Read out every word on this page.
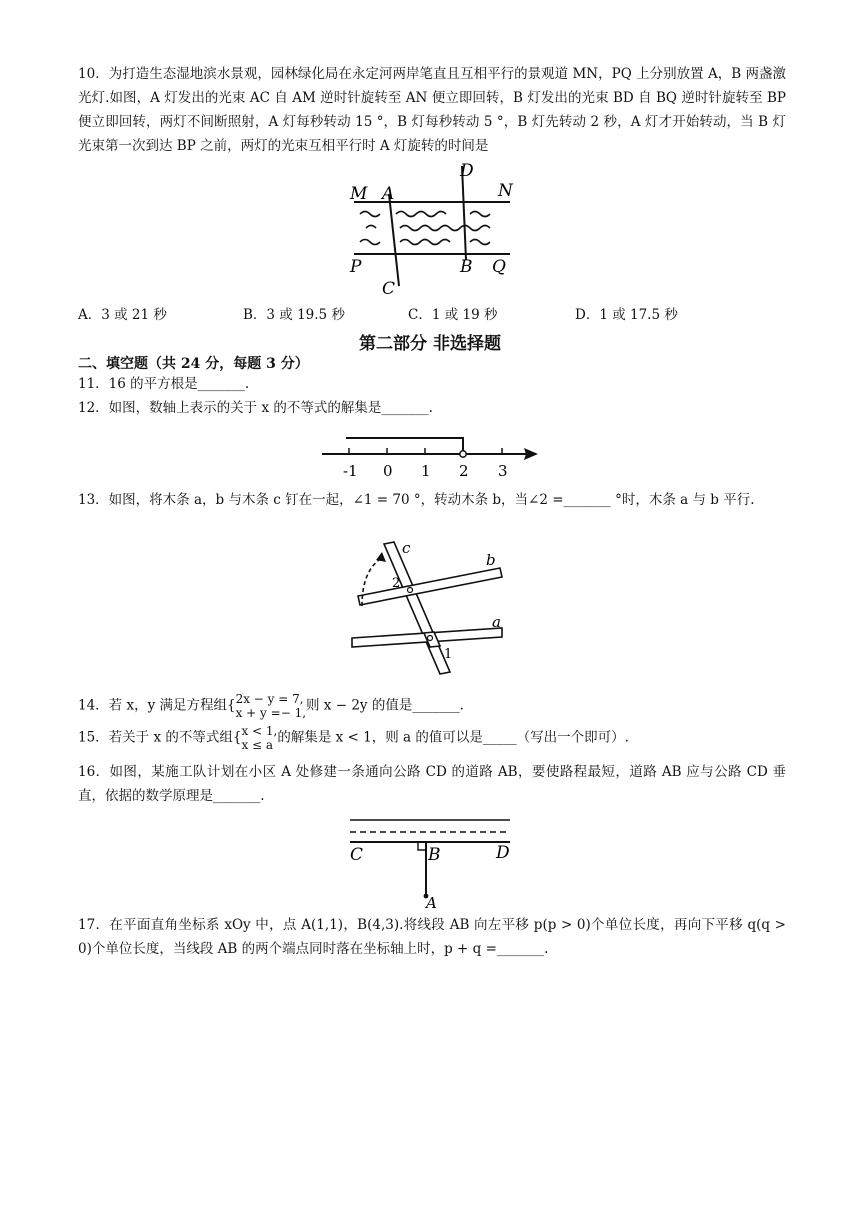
10．为打造生态湿地滨水景观，园林绿化局在永定河两岸笔直且互相平行的景观道 MN，PQ 上分别放置 A，B 两盏激光灯.如图，A 灯发出的光束 AC 自 AM 逆时针旋转至 AN 便立即回转，B 灯发出的光束 BD 自 BQ 逆时针旋转至 BP 便立即回转，两灯不间断照射，A 灯每秒转动 15 °，B 灯每秒转动 5 °，B 灯先转动 2 秒，A 灯才开始转动，当 B 灯光束第一次到达 BP 之前，两灯的光束互相平行时 A 灯旋转的时间是

M A	N
D
P	B Q
C
A．3 或 21 秒	B．3 或 19.5 秒	C．1 或 19 秒	D．1 或 17.5 秒
第二部分 非选择题
二、填空题（共 24 分，每题 3 分）

11．16 的平方根是_______.

12．如图，数轴上表示的关于 x 的不等式的解集是_______.

-1 0 1 2 3

13．如图，将木条 a，b 与木条 c 钉在一起，∠1 = 70 °，转动木条 b，当∠2 =_______ °时，木条 a 与 b 平行.

c
b
a
2
1
14．若 x，y 满足方程组{ 2x − y = 7,
x + y =− 1, 则 x − 2y 的值是_______.
15．若关于 x 的不等式组{ x < 1,
x ≤ a 的解集是 x < 1，则 a 的值可以是_____（写出一个即可）.

16．如图，某施工队计划在小区 A 处修建一条通向公路 CD 的道路 AB，要使路程最短，道路 AB 应与公路 CD 垂直，依据的数学原理是_______.

C	B	D
A

17．在平面直角坐标系 xOy 中，点 A(1,1)，B(4,3).将线段 AB 向左平移 p(p > 0)个单位长度，再向下平移 q(q > 0)个单位长度，当线段 AB 的两个端点同时落在坐标轴上时，p + q =_______.
